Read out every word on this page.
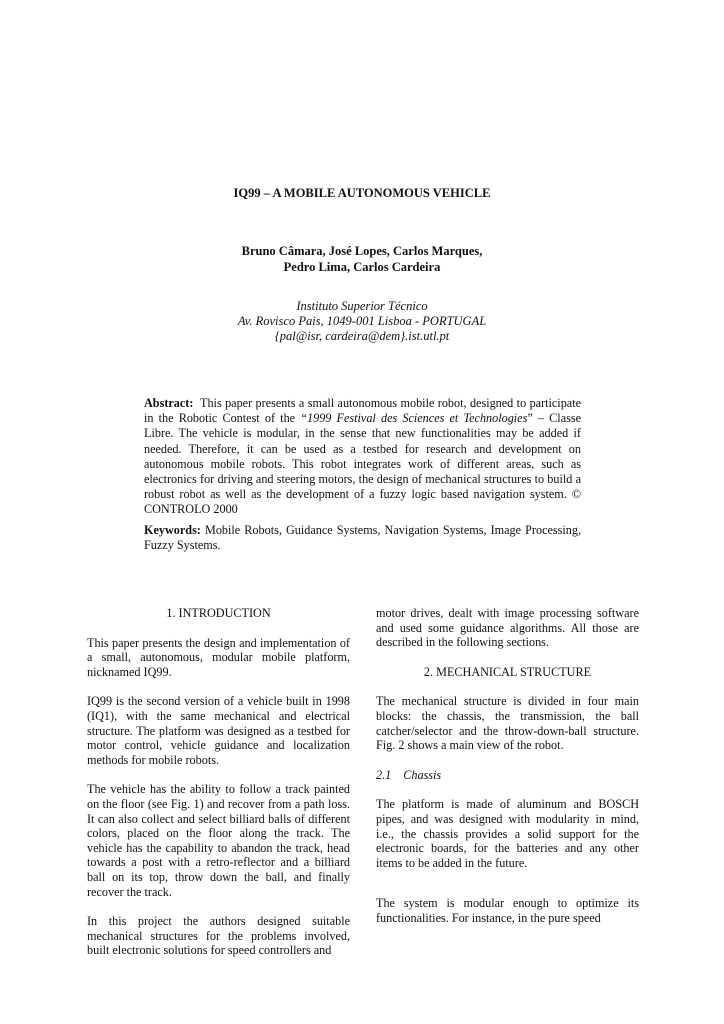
IQ99 – A MOBILE AUTONOMOUS VEHICLE
Bruno Câmara, José Lopes, Carlos Marques,
Pedro Lima, Carlos Cardeira
Instituto Superior Técnico
Av. Rovisco Pais, 1049-001 Lisboa - PORTUGAL
{pal@isr, cardeira@dem}.ist.utl.pt
Abstract: This paper presents a small autonomous mobile robot, designed to participate in the Robotic Contest of the “1999 Festival des Sciences et Technologies” – Classe Libre. The vehicle is modular, in the sense that new functionalities may be added if needed. Therefore, it can be used as a testbed for research and development on autonomous mobile robots. This robot integrates work of different areas, such as electronics for driving and steering motors, the design of mechanical structures to build a robust robot as well as the development of a fuzzy logic based navigation system. © CONTROLO 2000
Keywords: Mobile Robots, Guidance Systems, Navigation Systems, Image Processing, Fuzzy Systems.
1. INTRODUCTION

This paper presents the design and implementation of a small, autonomous, modular mobile platform, nicknamed IQ99.

IQ99 is the second version of a vehicle built in 1998 (IQ1), with the same mechanical and electrical structure. The platform was designed as a testbed for motor control, vehicle guidance and localization methods for mobile robots.

The vehicle has the ability to follow a track painted on the floor (see Fig. 1) and recover from a path loss. It can also collect and select billiard balls of different colors, placed on the floor along the track. The vehicle has the capability to abandon the track, head towards a post with a retro-reflector and a billiard ball on its top, throw down the ball, and finally recover the track.

In this project the authors designed suitable mechanical structures for the problems involved, built electronic solutions for speed controllers and

motor drives, dealt with image processing software and used some guidance algorithms. All those are described in the following sections.

2. MECHANICAL STRUCTURE

The mechanical structure is divided in four main blocks: the chassis, the transmission, the ball catcher/selector and the throw-down-ball structure. Fig. 2 shows a main view of the robot.

2.1 Chassis

The platform is made of aluminum and BOSCH pipes, and was designed with modularity in mind, i.e., the chassis provides a solid support for the electronic boards, for the batteries and any other items to be added in the future.

The system is modular enough to optimize its functionalities. For instance, in the pure speed
